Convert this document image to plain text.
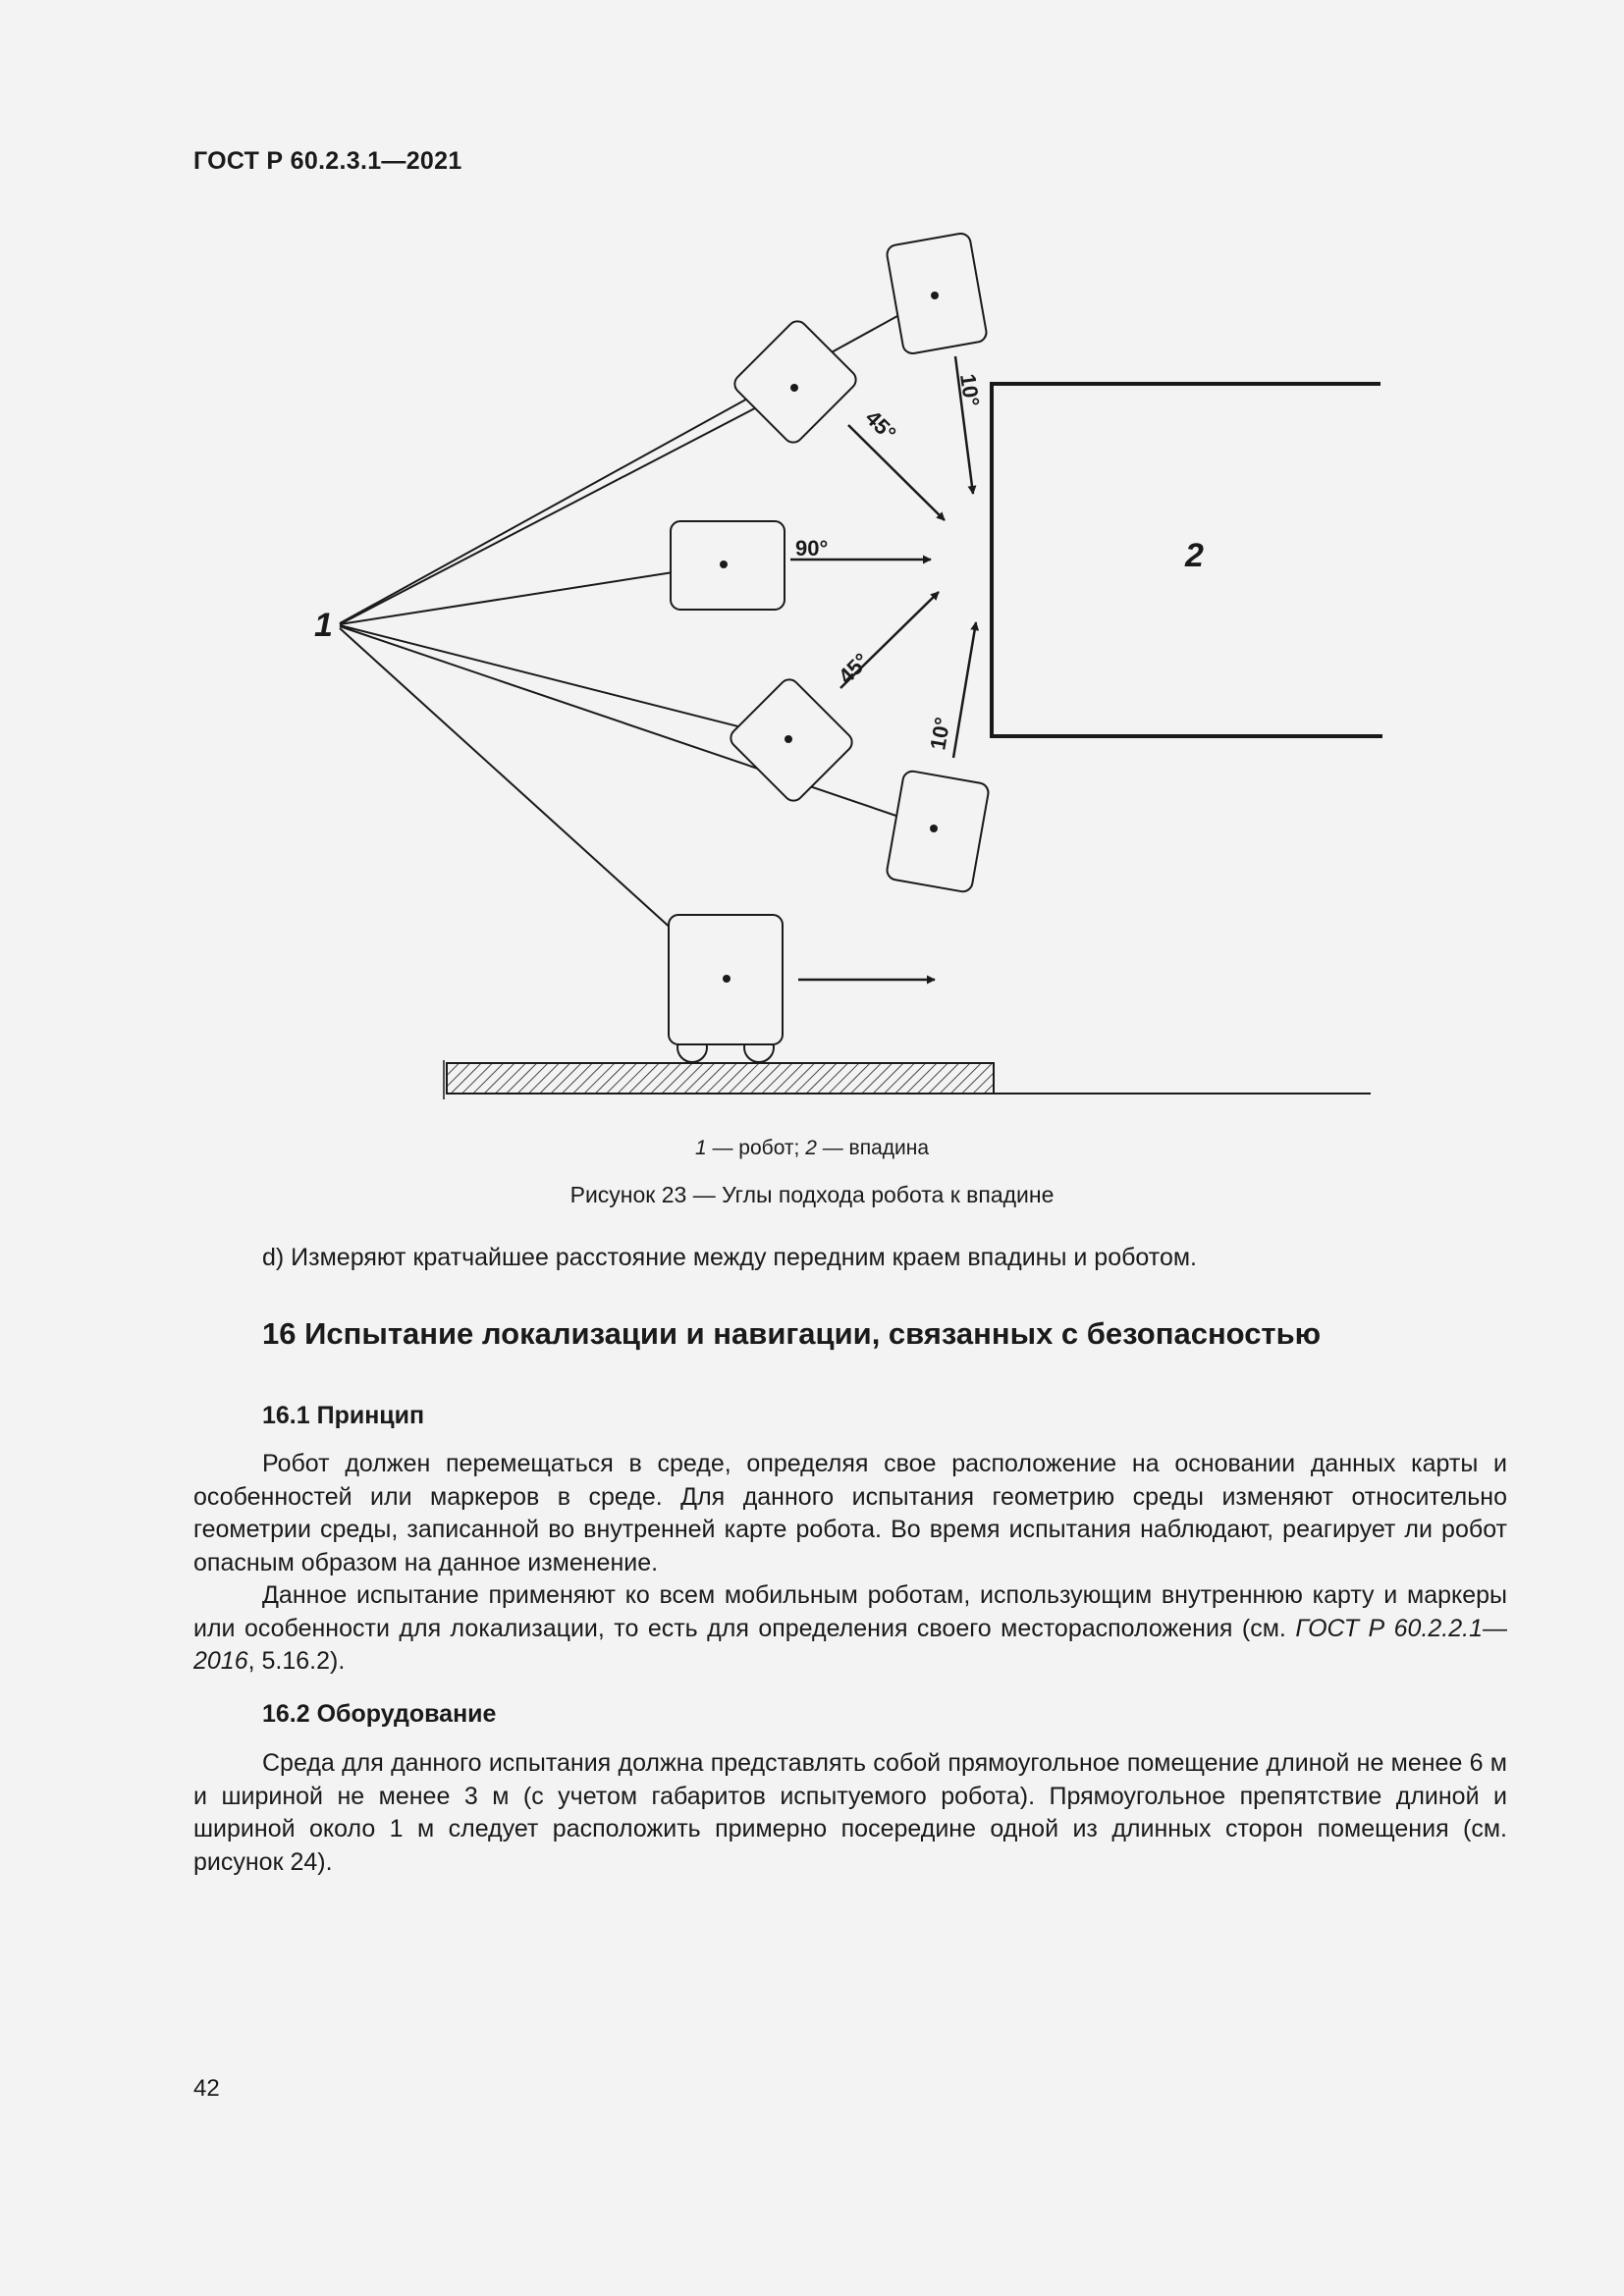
ГОСТ Р 60.2.3.1—2021
10°
45°
90°
45°
10°
1
2
1 — робот; 2 — впадина
Рисунок 23 — Углы подхода робота к впадине
d) Измеряют кратчайшее расстояние между передним краем впадины и роботом.
16 Испытание локализации и навигации, связанных с безопасностью
16.1 Принцип
Робот должен перемещаться в среде, определяя свое расположение на основании данных карты и особенностей или маркеров в среде. Для данного испытания геометрию среды изменяют относительно геометрии среды, записанной во внутренней карте робота. Во время испытания наблюдают, реагирует ли робот опасным образом на данное изменение.
Данное испытание применяют ко всем мобильным роботам, использующим внутреннюю карту и маркеры или особенности для локализации, то есть для определения своего месторасположения (см. ГОСТ Р 60.2.2.1—2016, 5.16.2).
16.2 Оборудование
Среда для данного испытания должна представлять собой прямоугольное помещение длиной не менее 6 м и шириной не менее 3 м (с учетом габаритов испытуемого робота). Прямоугольное препятствие длиной и шириной около 1 м следует расположить примерно посередине одной из длинных сторон помещения (см. рисунок 24).
42
